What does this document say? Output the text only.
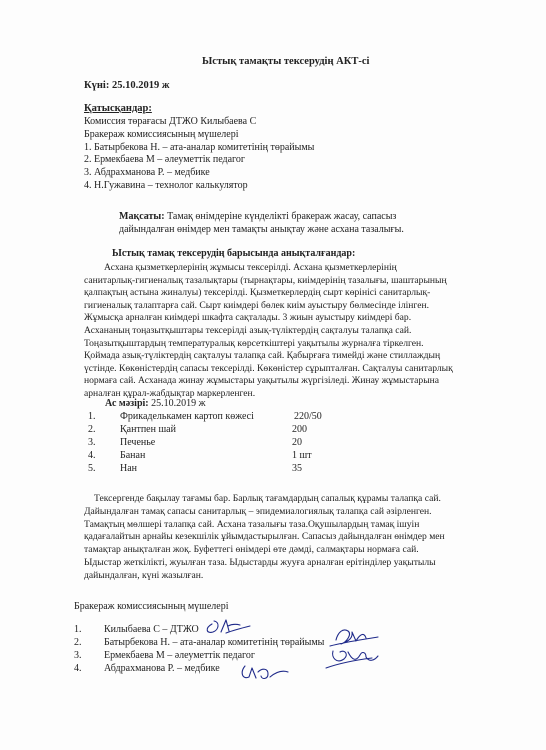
Ыстық тамақты тексерудің АКТ-сі
Күні: 25.10.2019 ж
Қатысқандар:
Комиссия төрағасы ДТЖО Килыбаева С
Бракераж комиссиясының мүшелері
1. Батырбекова Н. – ата-аналар комитетінің төрайымы
2. Ермекбаева М – әлеуметтік педагог
3. Абдрахманова Р. – медбике
4. Н.Гужавина – технолог калькулятор
Мақсаты: Тамақ өнімдеріне күнделікті бракераж жасау, сапасыз
дайындалған өнімдер мен тамақты анықтау және асхана тазалығы.
Ыстық тамақ тексерудің барысында анықталғандар:
Асхана қызметкерлерінің жұмысы тексерілді. Асхана қызметкерлерінің
санитарлық-гигиеналық тазалықтары (тырнақтары, киімдерінің тазалығы, шаштарының
қалпақтың астына жиналуы) тексерілді. Қызметкерлердің сырт көрінісі санитарлық-
гигиеналық талаптарға сай. Сырт киімдері бөлек киім ауыстыру бөлмесінде ілінген.
Жұмысқа арналған киімдері шкафта сақталады. 3 жиын ауыстыру киімдері бар.
Асхананың тоңазытқыштары тексерілді азық-түліктердің сақталуы талапқа сай.
Тоңазытқыштардың температуралық көрсеткіштері уақытылы журналға тіркелген.
Қоймада азық-түліктердің сақталуы талапқа сай. Қабырғаға тимейді және стиллаждың
үстінде. Көкөністердің сапасы тексерілді. Көкөністер сұрыпталған. Сақталуы санитарлық
нормаға сай. Асханада жинау жұмыстары уақытылы жүргізіледі. Жинау жұмыстарына
арналған құрал-жабдықтар маркерленген.
Ас мәзірі: 25.10.2019 ж
1. Фрикаделькамен картоп көжесі	220/50
2. Қантпен шай	200
3. Печенье	20
4. Банан	1 шт
5. Нан	35
Тексергенде бақылау тағамы бар. Барлық тағамдардың сапалық құрамы талапқа сай.
Дайындалған тамақ сапасы санитарлық – эпидемиалогиялық талапқа сай әзірленген.
Тамақтың мөлшері талапқа сай. Асхана тазалығы таза.Оқушылардың тамақ ішуін
қадағалайтын арнайы кезекшілік ұйымдастырылған. Сапасыз дайындалған өнімдер мен
тамақтар анықталған жоқ. Буфеттегі өнімдері өте дәмді, салмақтары нормаға сай.
Ыдыстар жеткілікті, жуылған таза. Ыдыстарды жууға арналған ерітінділер уақытылы
дайындалған, күні жазылған.
Бракераж комиссиясының мүшелері
1. Килыбаева С – ДТЖО
2. Батырбекова Н. – ата-аналар комитетінің төрайымы
3. Ермекбаева М – әлеуметтік педагог
4. Абдрахманова Р. – медбике
